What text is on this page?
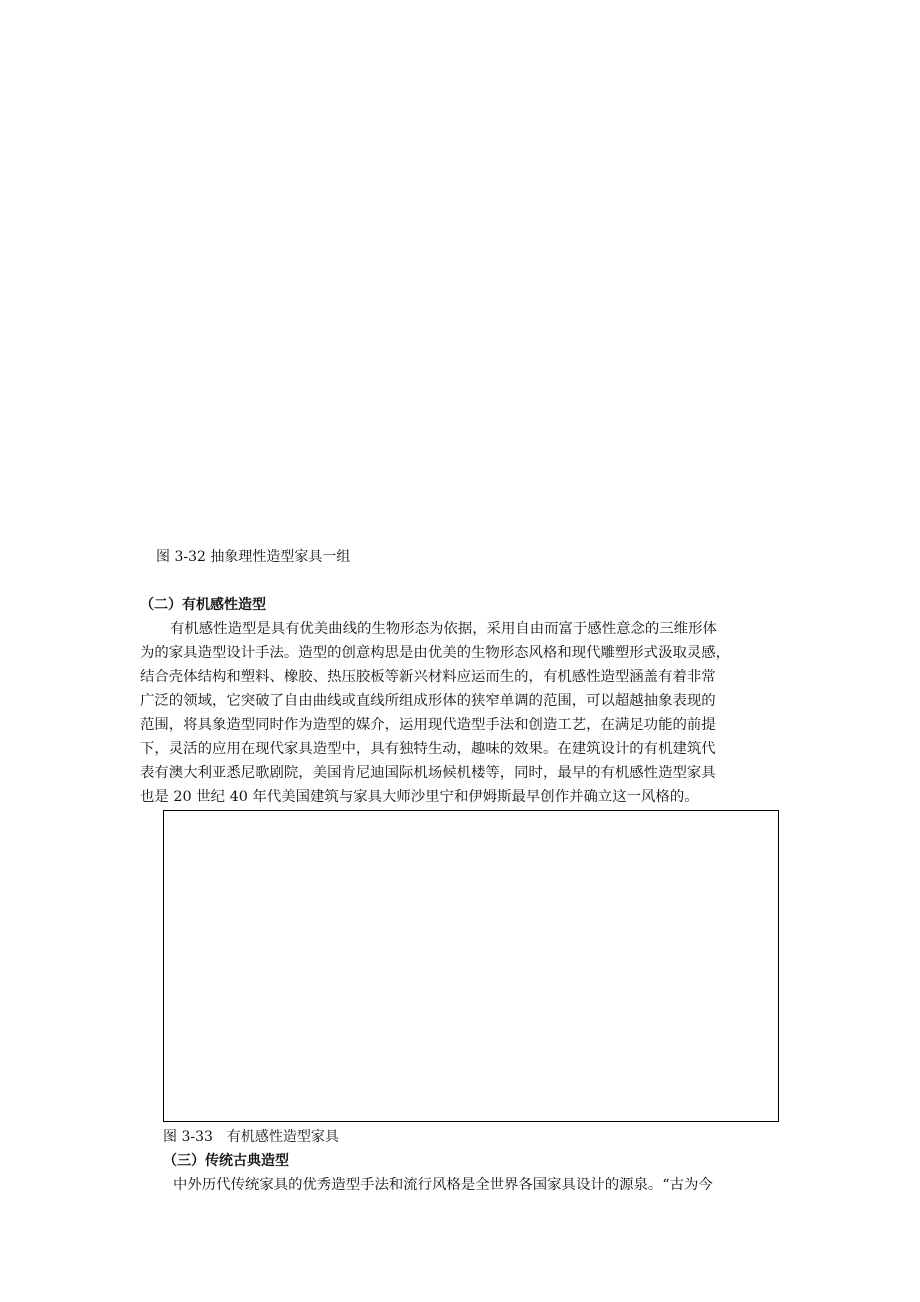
图 3-32 抽象理性造型家具一组
（二）有机感性造型
有机感性造型是具有优美曲线的生物形态为依据，采用自由而富于感性意念的三维形体
为的家具造型设计手法。造型的创意构思是由优美的生物形态风格和现代雕塑形式汲取灵感，
结合壳体结构和塑料、橡胶、热压胶板等新兴材料应运而生的，有机感性造型涵盖有着非常
广泛的领域，它突破了自由曲线或直线所组成形体的狭窄单调的范围，可以超越抽象表现的
范围，将具象造型同时作为造型的媒介，运用现代造型手法和创造工艺，在满足功能的前提
下，灵活的应用在现代家具造型中，具有独特生动，趣味的效果。在建筑设计的有机建筑代
表有澳大利亚悉尼歌剧院，美国肯尼迪国际机场候机楼等，同时，最早的有机感性造型家具
也是 20 世纪 40 年代美国建筑与家具大师沙里宁和伊姆斯最早创作并确立这一风格的。
图 3-33　有机感性造型家具
（三）传统古典造型
中外历代传统家具的优秀造型手法和流行风格是全世界各国家具设计的源泉。“古为今
